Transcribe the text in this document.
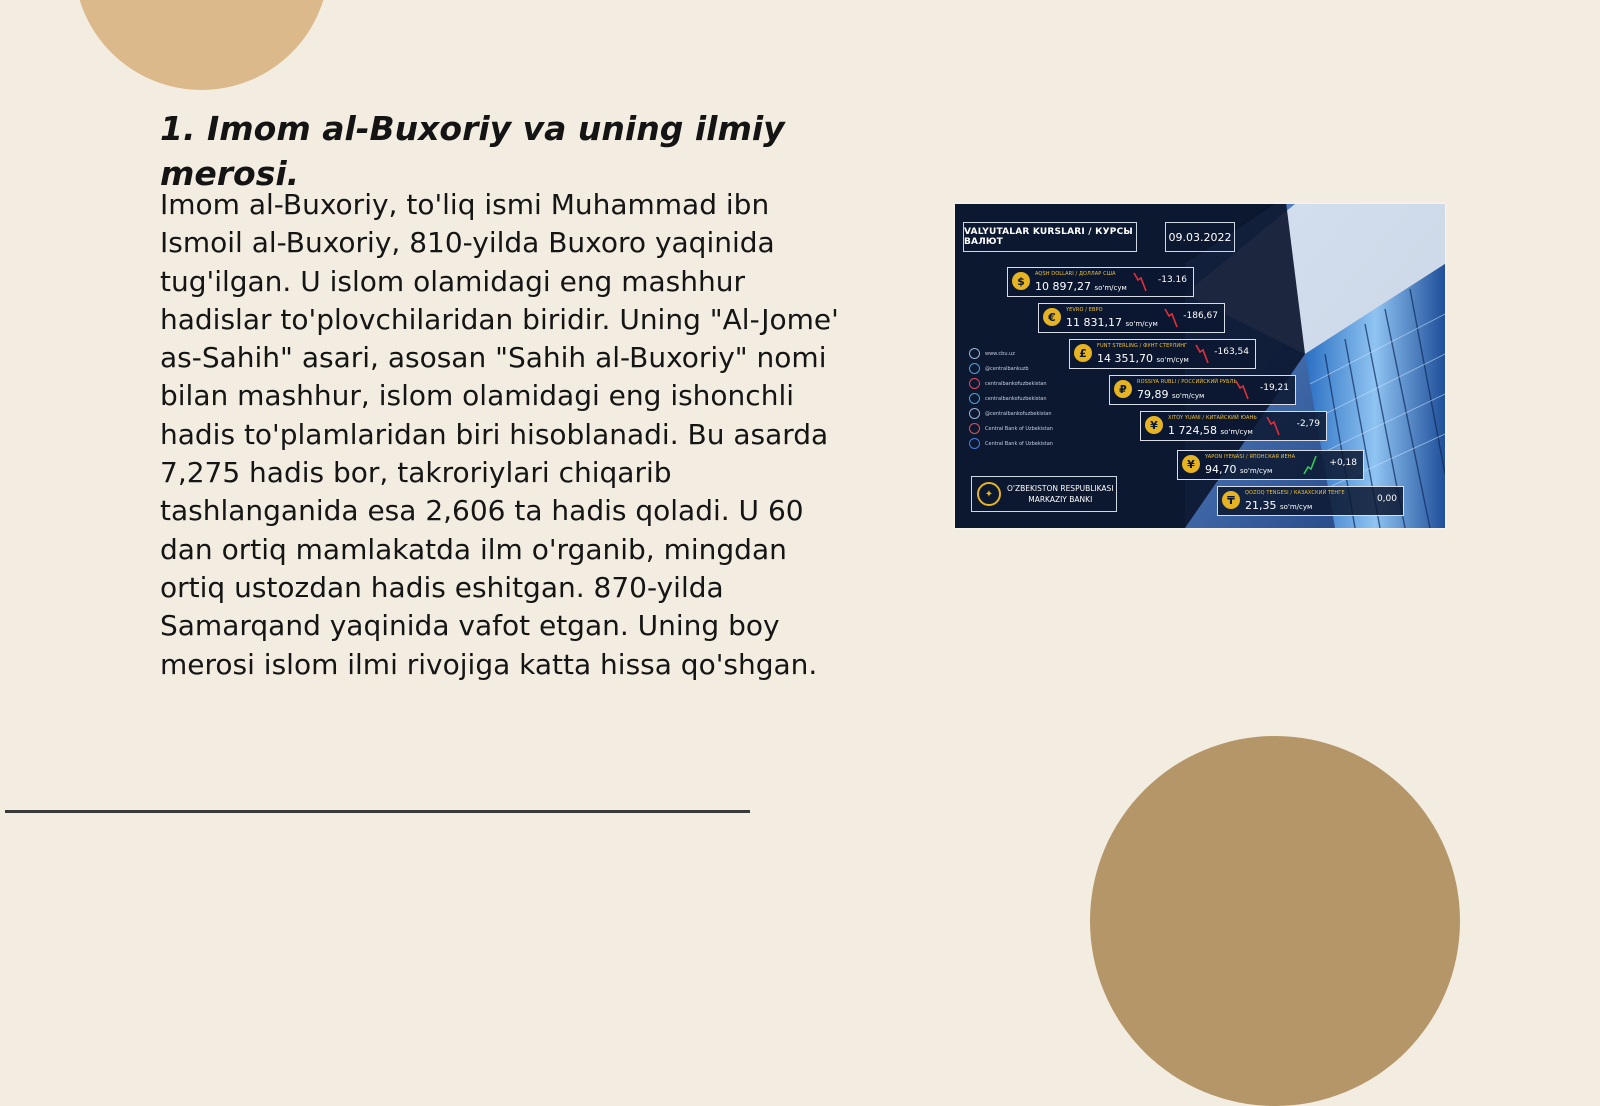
1. Imom al-Buxoriy va uning ilmiy merosi.

Imom al-Buxoriy, to'liq ismi Muhammad ibn Ismoil al-Buxoriy, 810-yilda Buxoro yaqinida tug'ilgan. U islom olamidagi eng mashhur hadislar to'plovchilaridan biridir. Uning "Al-Jome' as-Sahih" asari, asosan "Sahih al-Buxoriy" nomi bilan mashhur, islom olamidagi eng ishonchli hadis to'plamlaridan biri hisoblanadi. Bu asarda 7,275 hadis bor, takroriylari chiqarib tashlanganida esa 2,606 ta hadis qoladi. U 60 dan ortiq mamlakatda ilm o'rganib, mingdan ortiq ustozdan hadis eshitgan. 870-yilda Samarqand yaqinida vafot etgan. Uning boy merosi islom ilmi rivojiga katta hissa qo'shgan.

VALYUTALAR KURSLARI / КУРСЫ ВАЛЮТ	09.03.2022
$
AQSH DOLLARI / ДОЛЛАР США
10 897,27 so'm/сум
-13.16
€
YEVRO / ЕВРО
11 831,17 so'm/сум
-186,67
£
FUNT STERLING / ФУНТ СТЕРЛИНГ
14 351,70 so'm/сум
-163,54
₽
ROSSIYA RUBLI / РОССИЙСКИЙ РУБЛЬ
79,89 so'm/сум
-19,21
¥
XITOY YUANI / КИТАЙСКИЙ ЮАНЬ
1 724,58 so'm/сум
-2,79
¥
YAPON IYENASI / ЯПОНСКАЯ ИЕНА
94,70 so'm/сум
+0,18
₸
QOZOQ TENGESI / КАЗАХСКИЙ ТЕНГЕ
21,35 so'm/сум
0,00
www.cbu.uz
@centralbankuzb
centralbankofuzbekistan
centralbankofuzbekistan
@centralbankofuzbekistan
Central Bank of Uzbekistan
Central Bank of Uzbekistan
✦	O'ZBEKISTON RESPUBLIKASI
MARKAZIY BANKI
